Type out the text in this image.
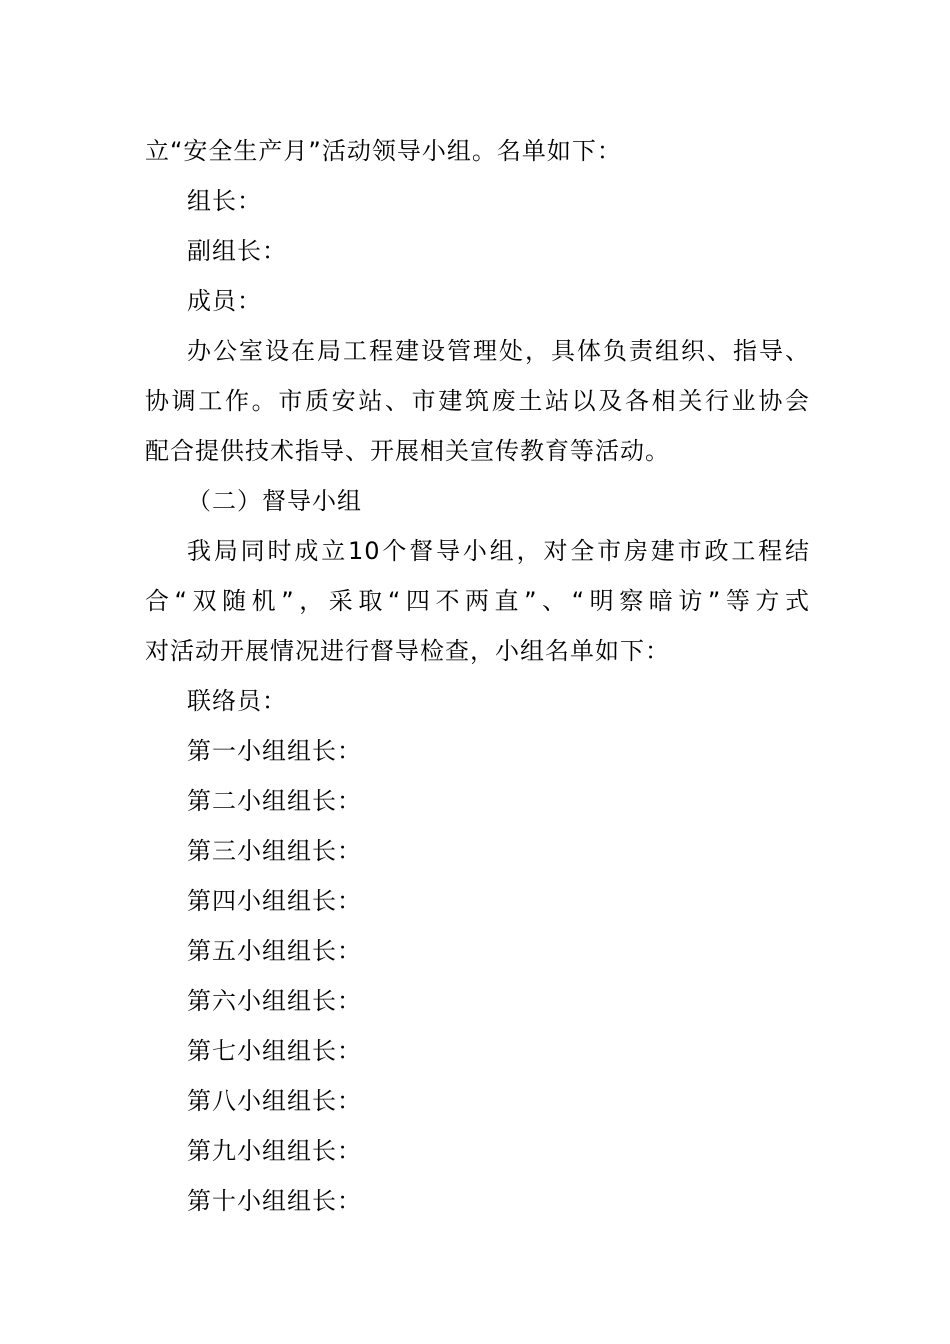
立“安全生产月”活动领导小组。名单如下：
组长：
副组长：
成员：
办公室设在局工程建设管理处，具体负责组织、指导、
协调工作。市质安站、市建筑废土站以及各相关行业协会
配合提供技术指导、开展相关宣传教育等活动。
（二）督导小组
我局同时成立10个督导小组，对全市房建市政工程结
合“双随机”，采取“四不两直”、“明察暗访”等方式
对活动开展情况进行督导检查，小组名单如下：
联络员：
第一小组组长：
第二小组组长：
第三小组组长：
第四小组组长：
第五小组组长：
第六小组组长：
第七小组组长：
第八小组组长：
第九小组组长：
第十小组组长：
